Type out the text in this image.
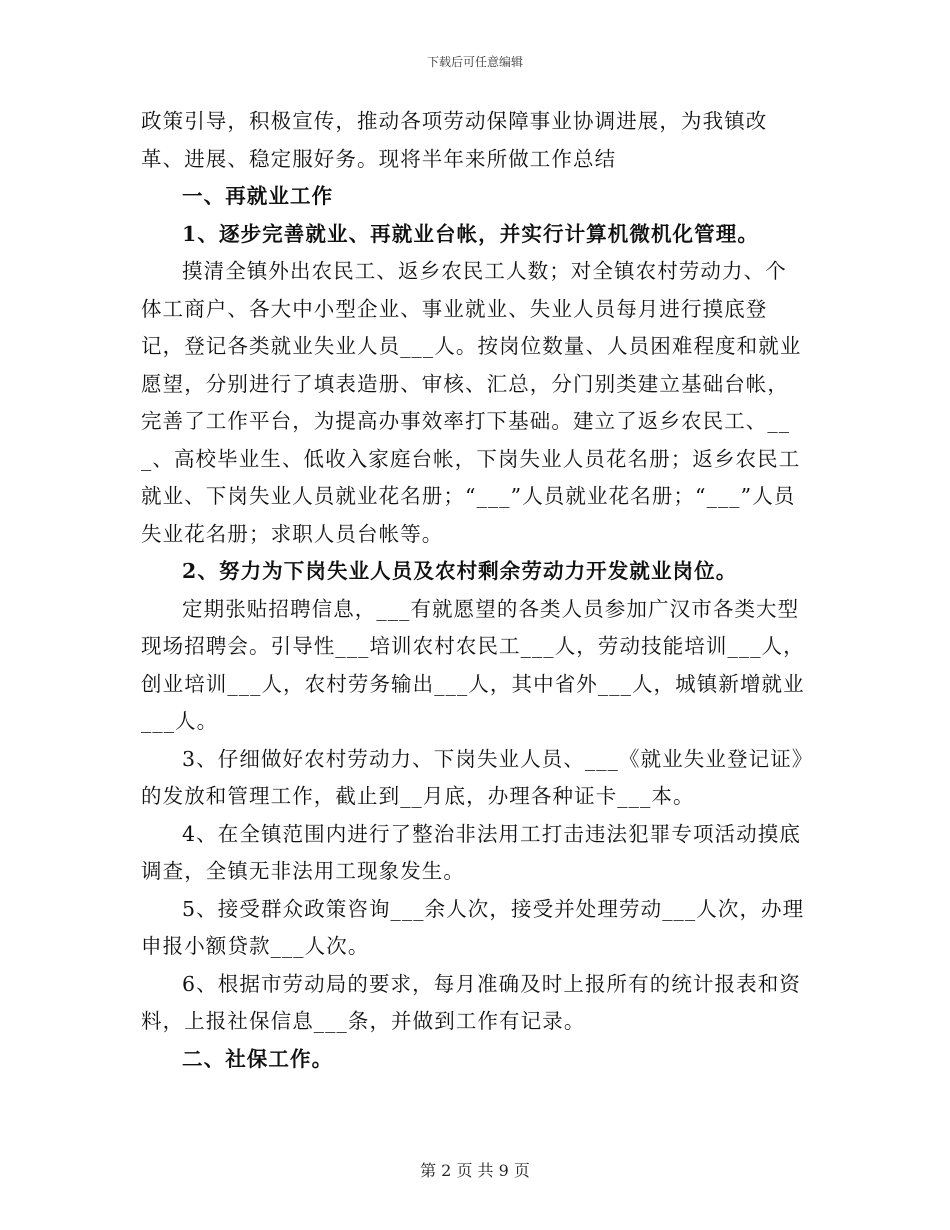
下载后可任意编辑

政策引导，积极宣传，推动各项劳动保障事业协调进展，为我镇改革、进展、稳定服好务。现将半年来所做工作总结

一、再就业工作

1、逐步完善就业、再就业台帐，并实行计算机微机化管理。

摸清全镇外出农民工、返乡农民工人数；对全镇农村劳动力、个体工商户、各大中小型企业、事业就业、失业人员每月进行摸底登记，登记各类就业失业人员___人。按岗位数量、人员困难程度和就业愿望，分别进行了填表造册、审核、汇总，分门别类建立基础台帐，完善了工作平台，为提高办事效率打下基础。建立了返乡农民工、___、高校毕业生、低收入家庭台帐，下岗失业人员花名册；返乡农民工就业、下岗失业人员就业花名册；“___”人员就业花名册；“___”人员失业花名册；求职人员台帐等。

2、努力为下岗失业人员及农村剩余劳动力开发就业岗位。

定期张贴招聘信息，___有就愿望的各类人员参加广汉市各类大型现场招聘会。引导性___培训农村农民工___人，劳动技能培训___人，创业培训___人，农村劳务输出___人，其中省外___人，城镇新增就业___人。

3、仔细做好农村劳动力、下岗失业人员、___《就业失业登记证》的发放和管理工作，截止到__月底，办理各种证卡___本。

4、在全镇范围内进行了整治非法用工打击违法犯罪专项活动摸底调查，全镇无非法用工现象发生。

5、接受群众政策咨询___余人次，接受并处理劳动___人次，办理申报小额贷款___人次。

6、根据市劳动局的要求，每月准确及时上报所有的统计报表和资料，上报社保信息___条，并做到工作有记录。

二、社保工作。

第 2 页 共 9 页
